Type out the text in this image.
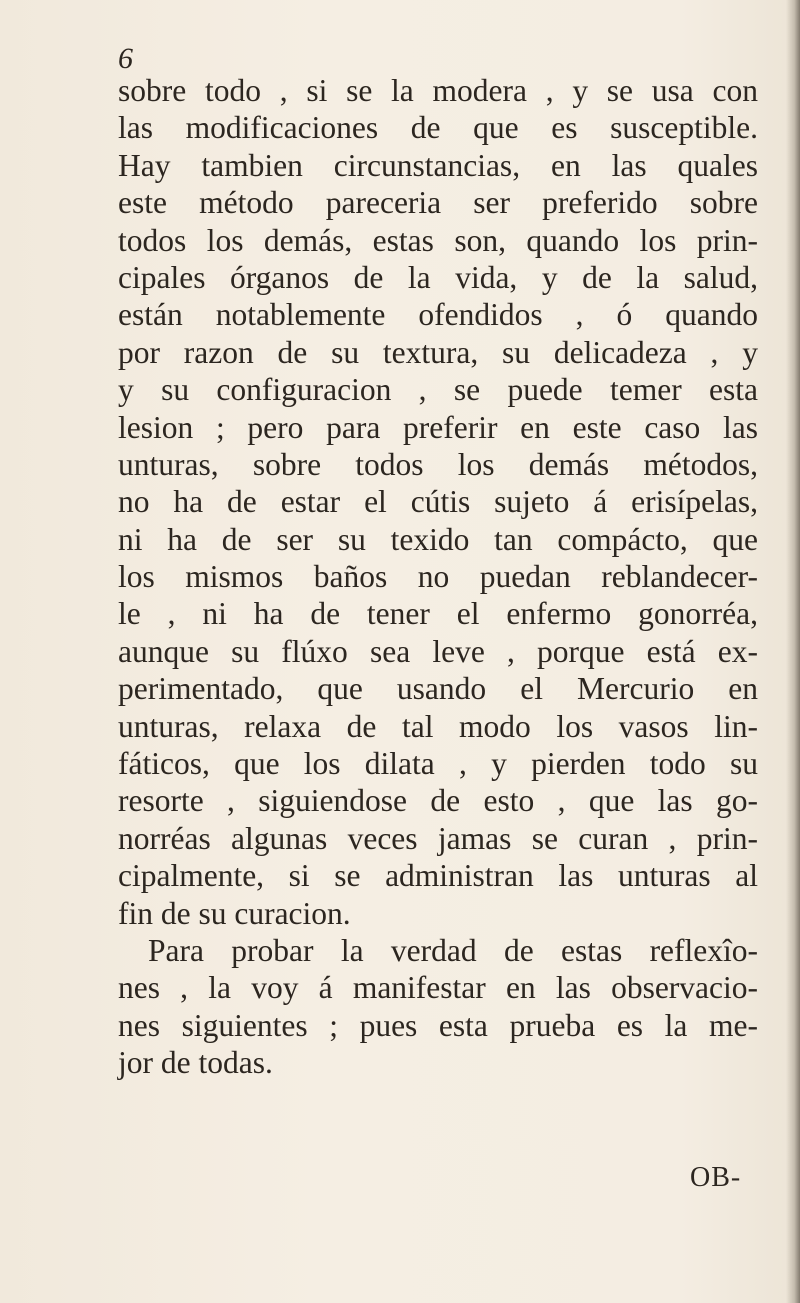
6
sobre todo , si se la modera , y se usa con
las modificaciones de que es susceptible.
Hay tambien circunstancias, en las quales
este método pareceria ser preferido sobre
todos los demás, estas son, quando los prin-
cipales órganos de la vida, y de la salud,
están notablemente ofendidos , ó quando
por razon de su textura, su delicadeza , y
y su configuracion , se puede temer esta
lesion ; pero para preferir en este caso las
unturas, sobre todos los demás métodos,
no ha de estar el cútis sujeto á erisípelas,
ni ha de ser su texido tan compácto, que
los mismos baños no puedan reblandecer-
le , ni ha de tener el enfermo gonorréa,
aunque su flúxo sea leve , porque está ex-
perimentado, que usando el Mercurio en
unturas, relaxa de tal modo los vasos lin-
fáticos, que los dilata , y pierden todo su
resorte , siguiendose de esto , que las go-
norréas algunas veces jamas se curan , prin-
cipalmente, si se administran las unturas al
fin de su curacion.
Para probar la verdad de estas reflexîo-
nes , la voy á manifestar en las observacio-
nes siguientes ; pues esta prueba es la me-
jor de todas.
OB-
